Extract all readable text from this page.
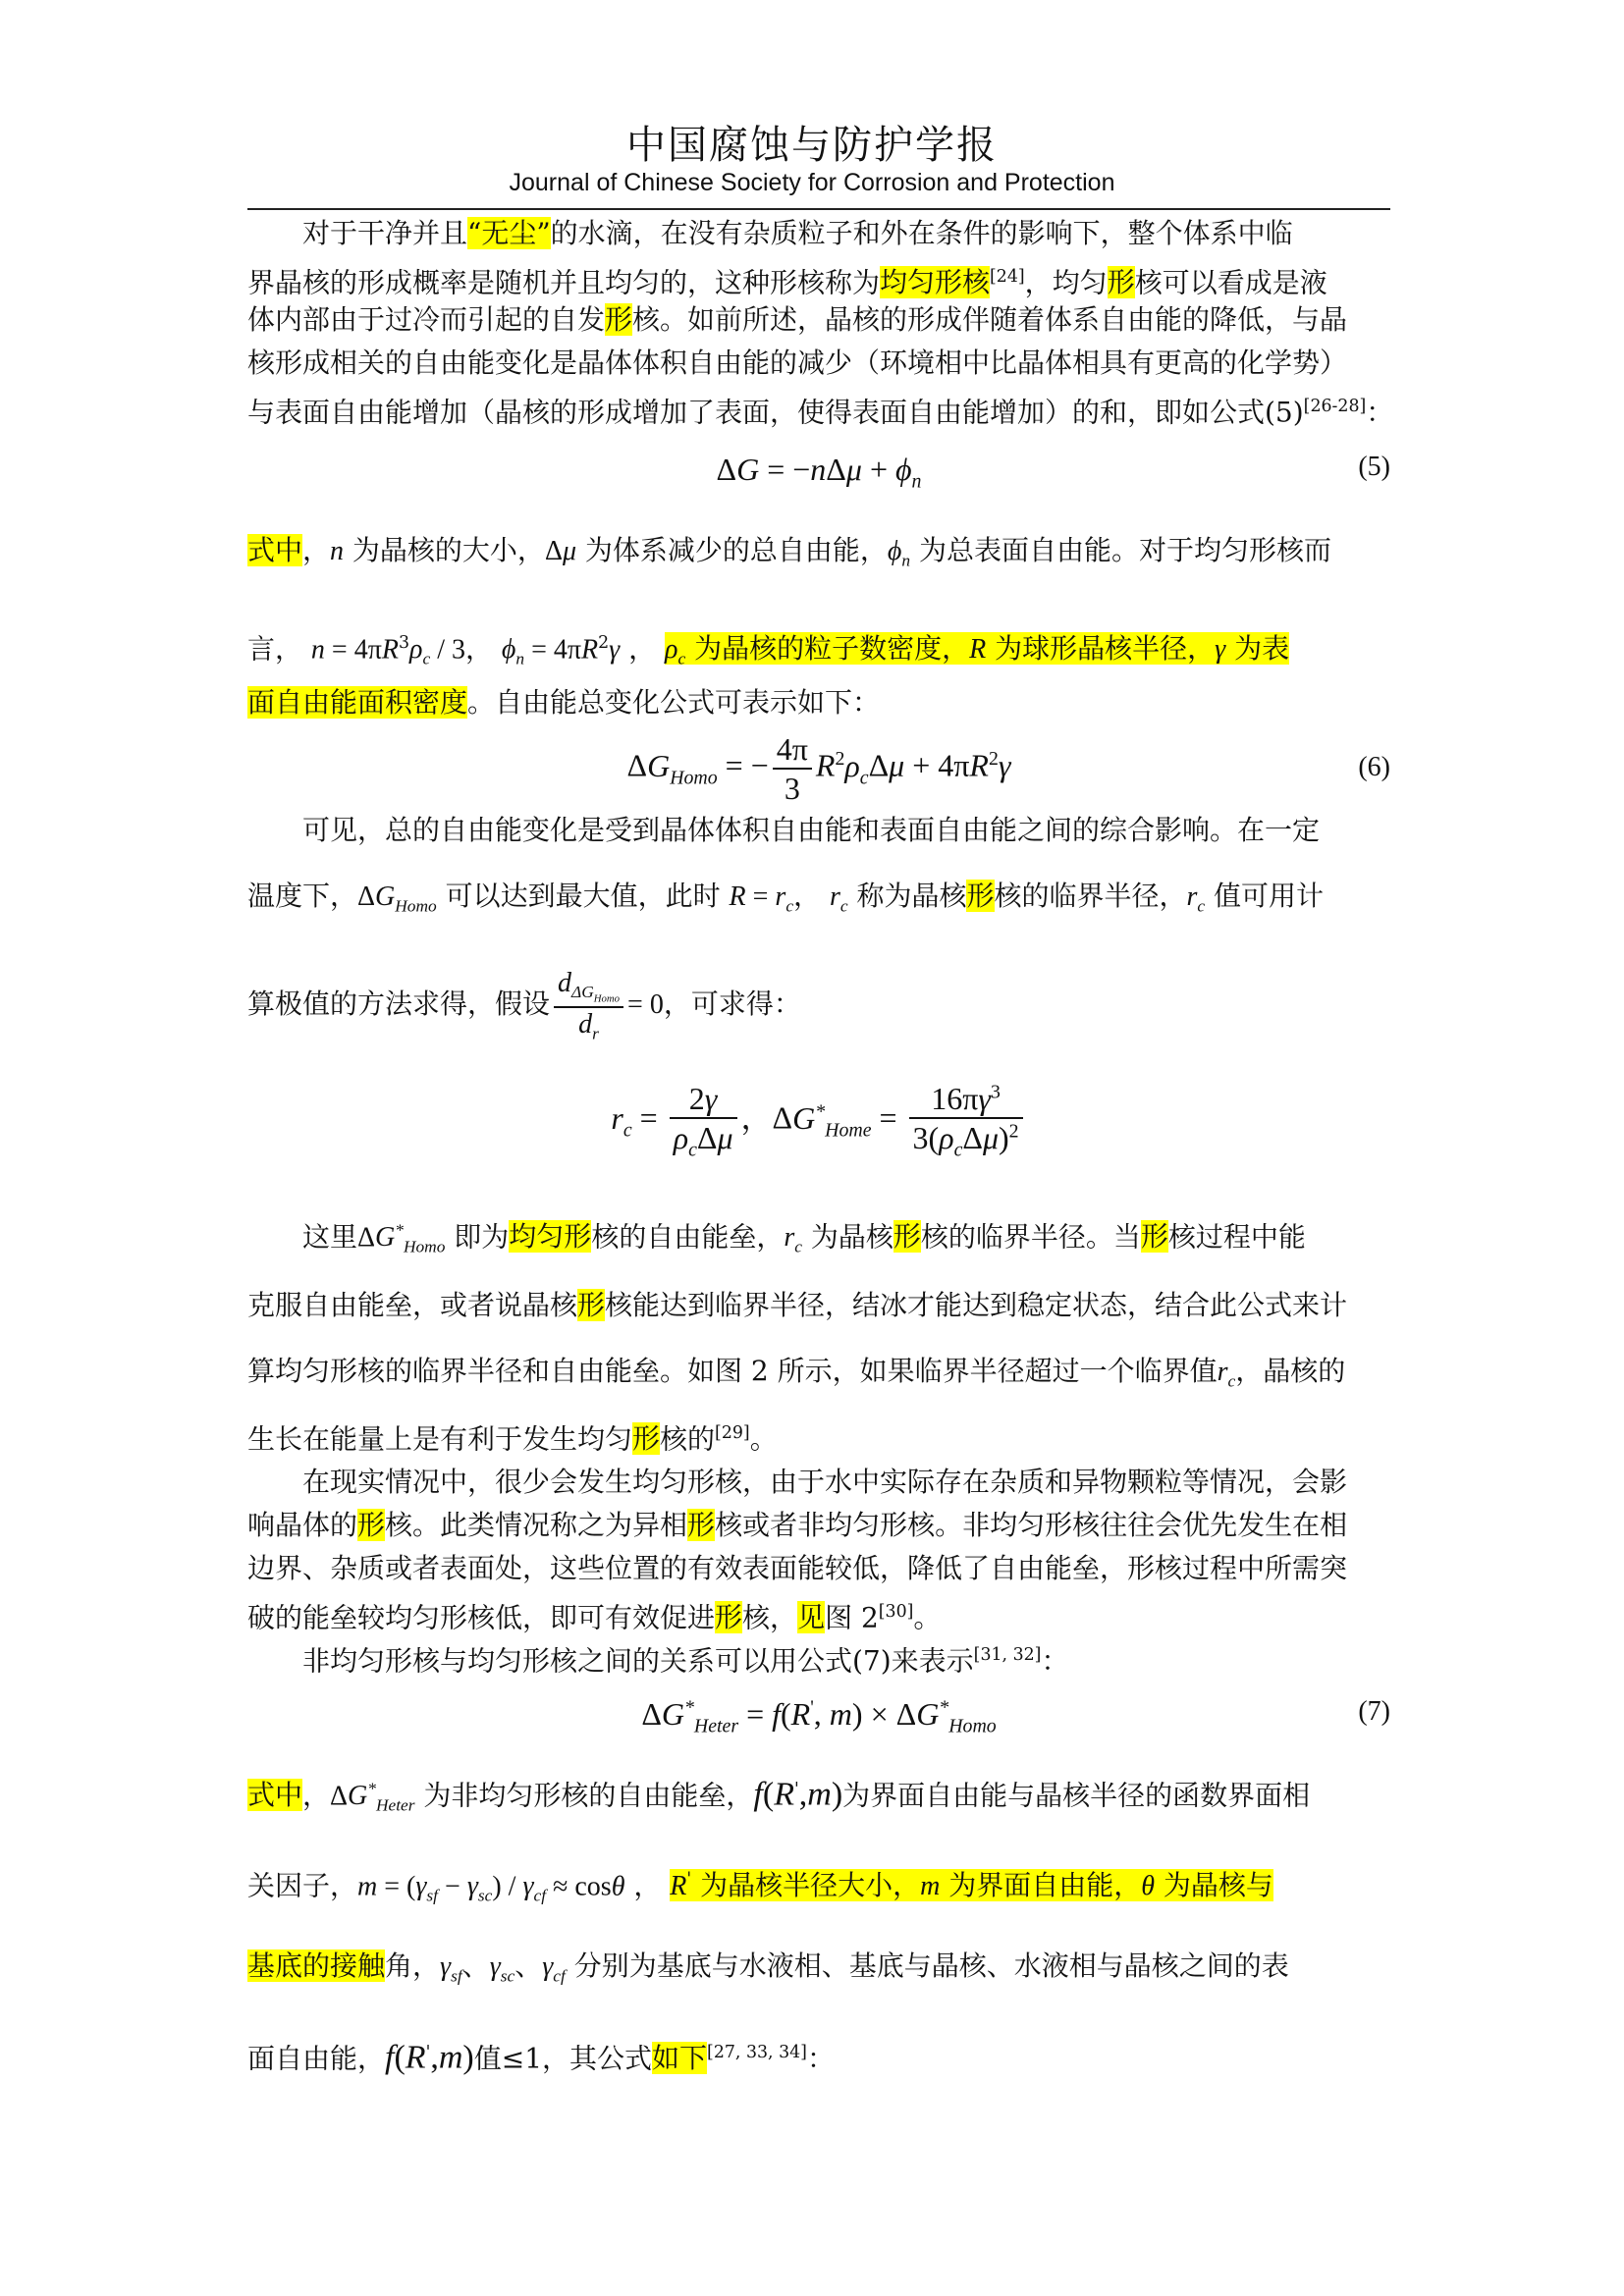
中国腐蚀与防护学报
Journal of Chinese Society for Corrosion and Protection
对于干净并且“无尘”的水滴，在没有杂质粒子和外在条件的影响下，整个体系中临
界晶核的形成概率是随机并且均匀的，这种形核称为均匀形核[24]，均匀形核可以看成是液
体内部由于过冷而引起的自发形核。如前所述，晶核的形成伴随着体系自由能的降低，与晶
核形成相关的自由能变化是晶体体积自由能的减少（环境相中比晶体相具有更高的化学势）
与表面自由能增加（晶核的形成增加了表面，使得表面自由能增加）的和，即如公式(5)[26-28]：
$\Delta G = -n\Delta\mu + \phi_n$	(5)
式中，n 为晶核的大小，Δμ 为体系减少的总自由能，$\phi_n$ 为总表面自由能。对于均匀形核而
言， $n = 4\pi R^3\rho_c / 3$， $\phi_n = 4\pi R^2\gamma$ ， $\rho_c$ 为晶核的粒子数密度，R 为球形晶核半径，γ 为表
面自由能面积密度。自由能总变化公式可表示如下：
$\Delta G_{Homo}$ = − $\frac{4\pi}{3} R^2\rho_c\Delta\mu + 4\pi R^2\gamma$	(6)
可见，总的自由能变化是受到晶体体积自由能和表面自由能之间的综合影响。在一定
温度下，$\Delta G_{Homo}$ 可以达到最大值，此时 $R = r_c$， $r_c$ 称为晶核形核的临界半径，$r_c$ 值可用计
算极值的方法求得，假设 $\frac{d_{\Delta G_{Homo}}}{d_r} = 0$，可求得：
$r_c = \frac{2\gamma}{\rho_c\Delta\mu}$ ，$\Delta G^*_{Home} = \frac{16\pi\gamma^3}{3(\rho_c\Delta\mu)^2}$
这里$\Delta G^*_{Homo}$ 即为均匀形核的自由能垒，$r_c$ 为晶核形核的临界半径。当形核过程中能
克服自由能垒，或者说晶核形核能达到临界半径，结冰才能达到稳定状态，结合此公式来计
算均匀形核的临界半径和自由能垒。如图 2 所示，如果临界半径超过一个临界值$r_c$，晶核的
生长在能量上是有利于发生均匀形核的[29]。
在现实情况中，很少会发生均匀形核，由于水中实际存在杂质和异物颗粒等情况，会影
响晶体的形核。此类情况称之为异相形核或者非均匀形核。非均匀形核往往会优先发生在相
边界、杂质或者表面处，这些位置的有效表面能较低，降低了自由能垒，形核过程中所需突
破的能垒较均匀形核低，即可有效促进形核，见图 2[30]。
非均匀形核与均匀形核之间的关系可以用公式(7)来表示[31, 32]：
$\Delta G^*_{Heter} = f(R'$, $m) \times \Delta G^*_{Homo}$	(7)
式中，$\Delta G^*_{Heter}$ 为非均匀形核的自由能垒，f(R',m)为界面自由能与晶核半径的函数界面相
关因子，$m = (\gamma_{sf} - \gamma_{sc}) / \gamma_{cf} \approx \cos\theta$ ， R' 为晶核半径大小，m 为界面自由能，θ 为晶核与
基底的接触角，$\gamma_{sf}$、$\gamma_{sc}$、$\gamma_{cf}$ 分别为基底与水液相、基底与晶核、水液相与晶核之间的表
面自由能，f(R',m)值≤1，其公式如下[27, 33, 34]：
